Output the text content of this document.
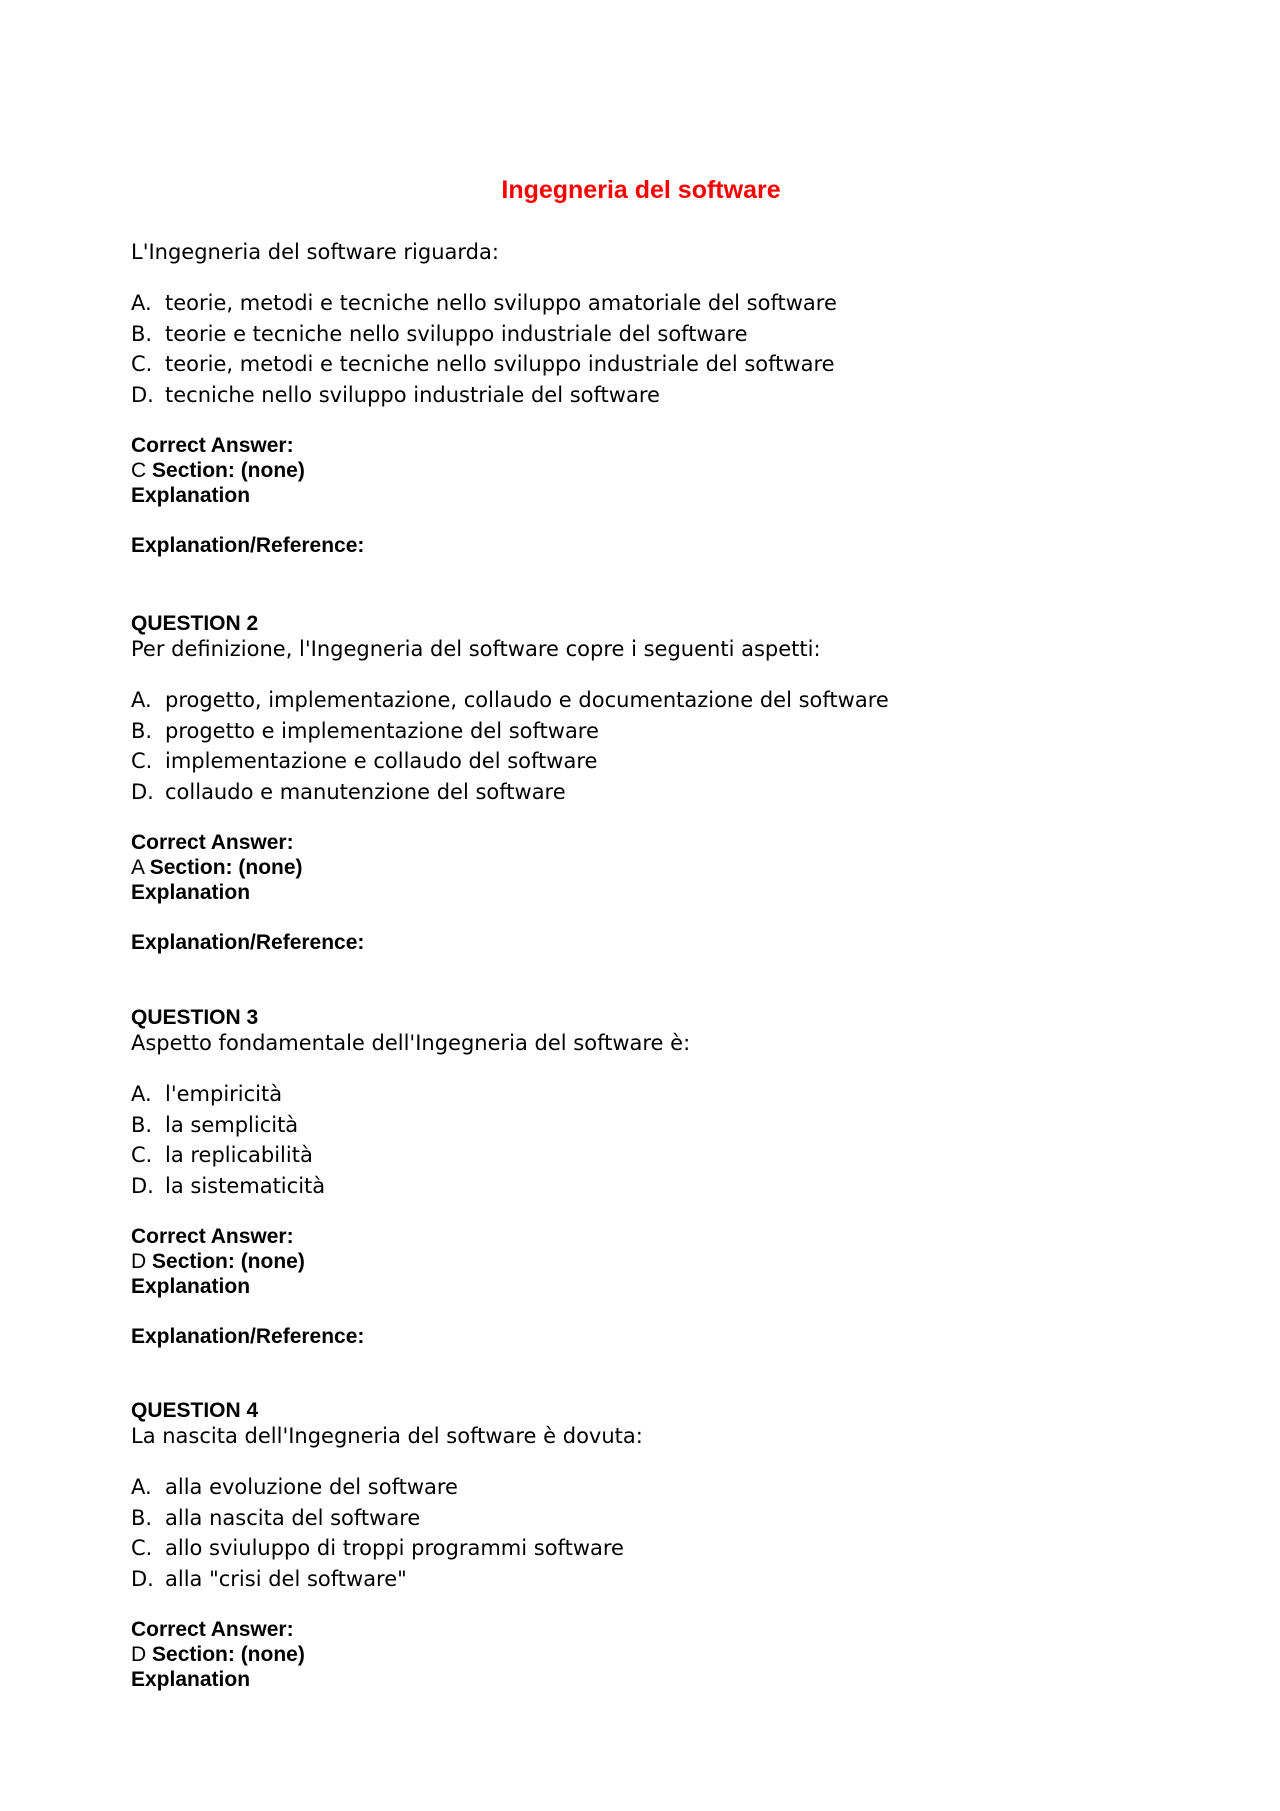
Ingegneria del software

L'Ingegneria del software riguarda:

A. teorie, metodi e tecniche nello sviluppo amatoriale del software
B. teorie e tecniche nello sviluppo industriale del software
C. teorie, metodi e tecniche nello sviluppo industriale del software
D. tecniche nello sviluppo industriale del software
Correct Answer:
C Section: (none)
Explanation
Explanation/Reference:
QUESTION 2

Per definizione, l'Ingegneria del software copre i seguenti aspetti:

A. progetto, implementazione, collaudo e documentazione del software
B. progetto e implementazione del software
C. implementazione e collaudo del software
D. collaudo e manutenzione del software
Correct Answer:
A Section: (none)
Explanation
Explanation/Reference:
QUESTION 3

Aspetto fondamentale dell'Ingegneria del software è:

A. l'empiricità
B. la semplicità
C. la replicabilità
D. la sistematicità
Correct Answer:
D Section: (none)
Explanation
Explanation/Reference:
QUESTION 4

La nascita dell'Ingegneria del software è dovuta:

A. alla evoluzione del software
B. alla nascita del software
C. allo sviuluppo di troppi programmi software
D. alla "crisi del software"
Correct Answer:
D Section: (none)
Explanation
